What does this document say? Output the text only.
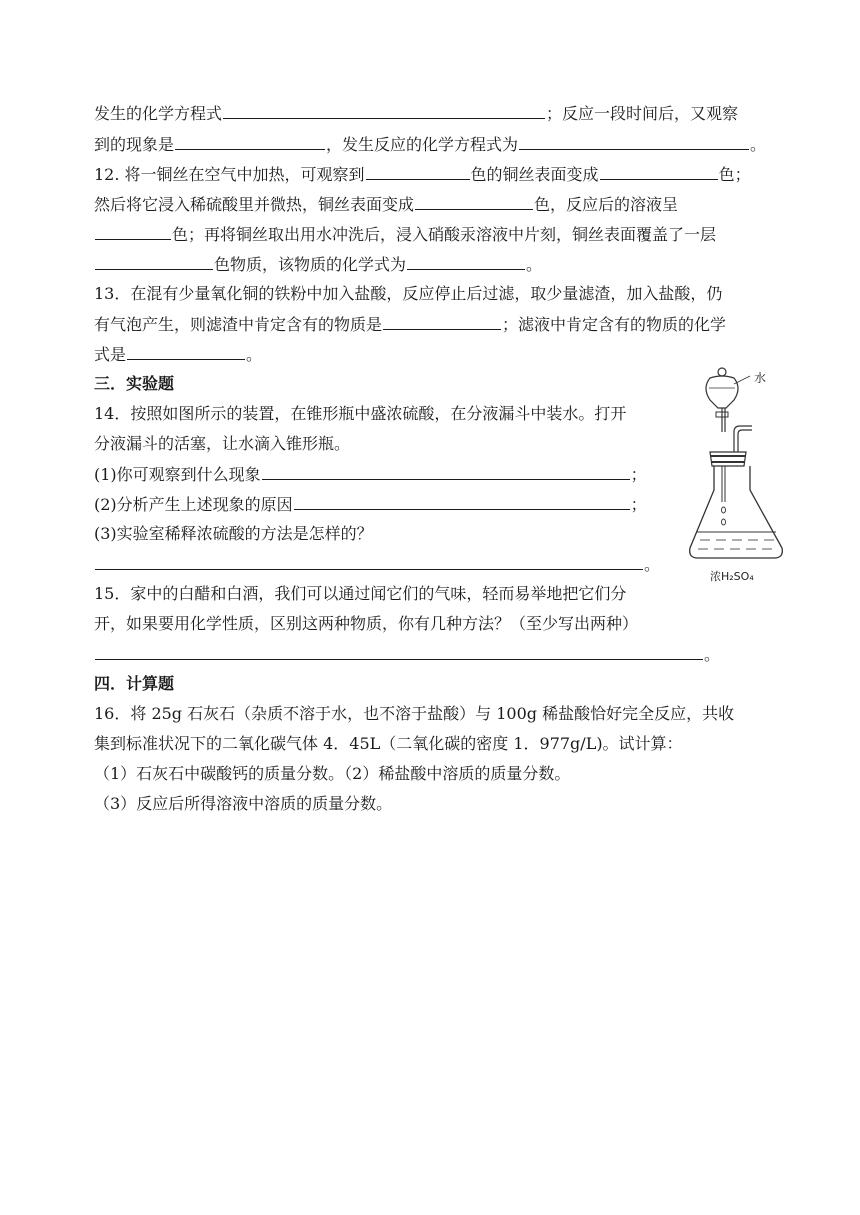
发生的化学方程式	；反应一段时间后，又观察
到的现象是	，发生反应的化学方程式为	。
12. 将一铜丝在空气中加热，可观察到	色的铜丝表面变成	色；
然后将它浸入稀硫酸里并微热，铜丝表面变成	色，反应后的溶液呈
色；再将铜丝取出用水冲洗后，浸入硝酸汞溶液中片刻，铜丝表面覆盖了一层
色物质，该物质的化学式为	。
13．在混有少量氧化铜的铁粉中加入盐酸，反应停止后过滤，取少量滤渣，加入盐酸，仍
有气泡产生，则滤渣中肯定含有的物质是	；滤液中肯定含有的物质的化学
式是	。
三．实验题
14．按照如图所示的装置，在锥形瓶中盛浓硫酸，在分液漏斗中装水。打开
分液漏斗的活塞，让水滴入锥形瓶。
(1)你可观察到什么现象	；
(2)分析产生上述现象的原因	；
(3)实验室稀释浓硫酸的方法是怎样的？
。
15．家中的白醋和白酒，我们可以通过闻它们的气味，轻而易举地把它们分
开，如果要用化学性质，区别这两种物质，你有几种方法？（至少写出两种）
。
四．计算题
16．将 25g 石灰石（杂质不溶于水，也不溶于盐酸）与 100g 稀盐酸恰好完全反应，共收
集到标准状况下的二氧化碳气体 4．45L（二氧化碳的密度 1．977g/L)。试计算：
（1）石灰石中碳酸钙的质量分数。（2）稀盐酸中溶质的质量分数。
（3）反应后所得溶液中溶质的质量分数。
水
浓H₂SO₄
